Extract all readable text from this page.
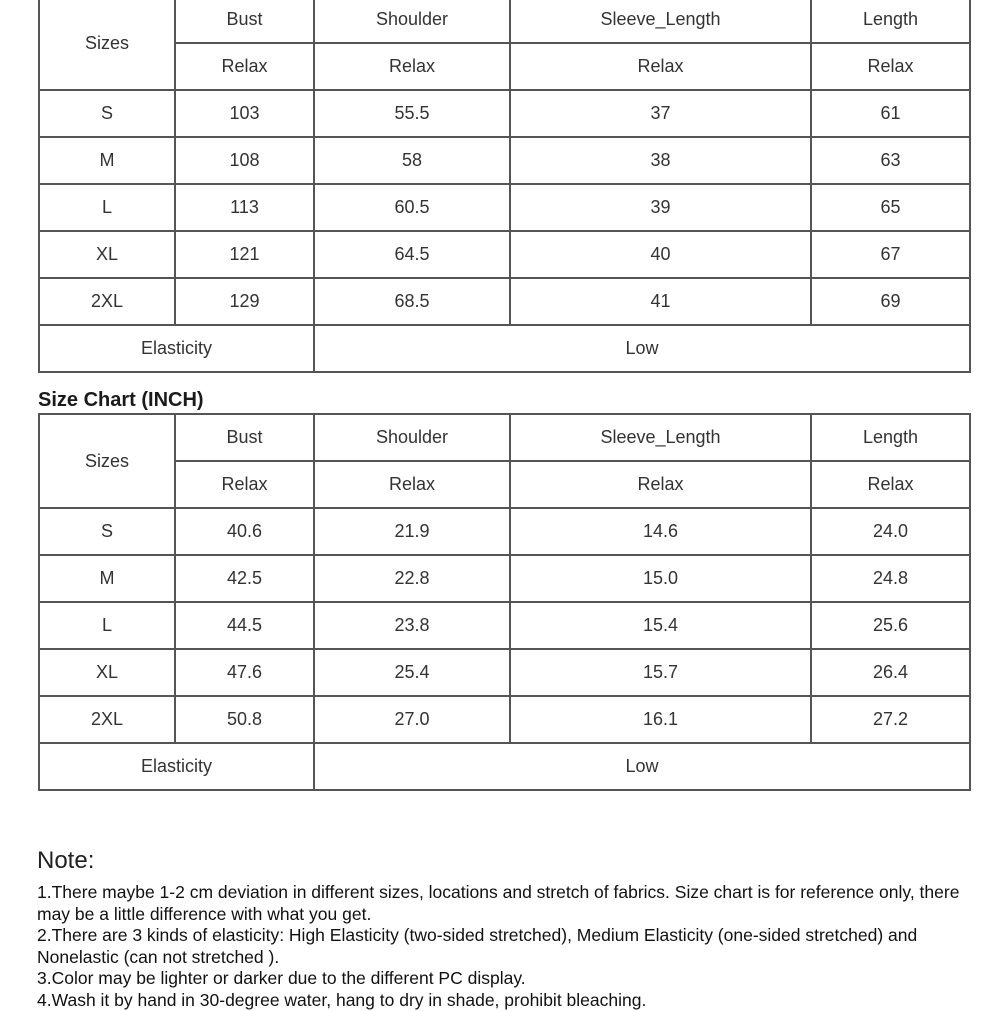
Sizes	Bust	Shoulder	Sleeve_Length	Length
	Relax	Relax	Relax	Relax
S	103	55.5	37	61
M	108	58	38	63
L	113	60.5	39	65
XL	121	64.5	40	67
2XL	129	68.5	41	69
Elasticity		Low		
Size Chart (INCH)
Sizes	Bust	Shoulder	Sleeve_Length	Length
	Relax	Relax	Relax	Relax
S	40.6	21.9	14.6	24.0
M	42.5	22.8	15.0	24.8
L	44.5	23.8	15.4	25.6
XL	47.6	25.4	15.7	26.4
2XL	50.8	27.0	16.1	27.2
Elasticity		Low		
Note:
1.There maybe 1-2 cm deviation in different sizes, locations and stretch of fabrics. Size chart is for reference only, there may be a little difference with what you get.
2.There are 3 kinds of elasticity: High Elasticity (two-sided stretched), Medium Elasticity (one-sided stretched) and Nonelastic (can not stretched ).
3.Color may be lighter or darker due to the different PC display.
4.Wash it by hand in 30-degree water, hang to dry in shade, prohibit bleaching.
